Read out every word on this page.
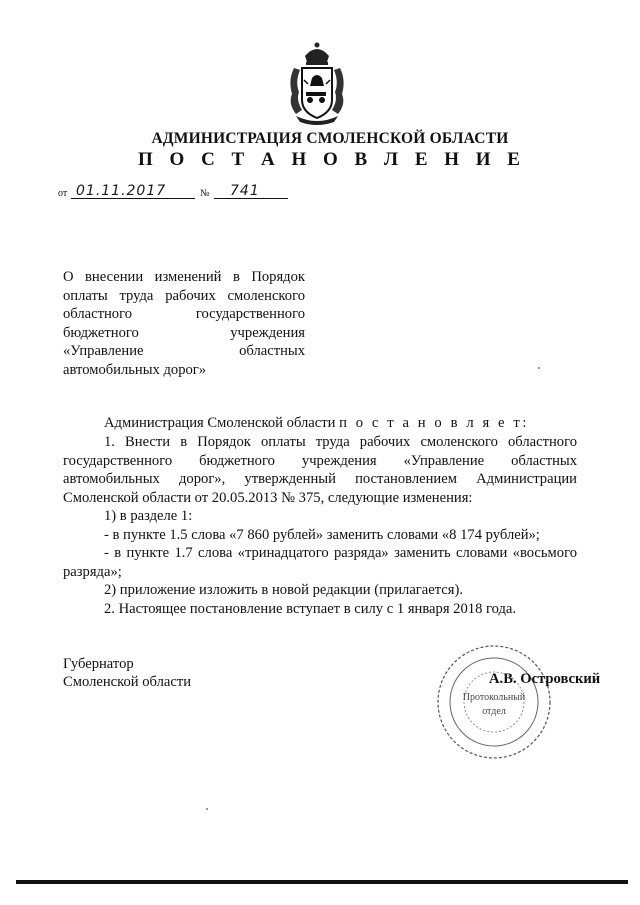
АДМИНИСТРАЦИЯ СМОЛЕНСКОЙ ОБЛАСТИ
П О С Т А Н О В Л Е Н И Е
от 01.11.2017	№ 741
О внесении изменений в Порядок
оплаты труда рабочих смоленского
областного государственного
бюджетного учреждения
«Управление областных
автомобильных дорог»
Администрация Смоленской области п о с т а н о в л я е т:

1. Внести в Порядок оплаты труда рабочих смоленского областного государственного бюджетного учреждения «Управление областных автомобильных дорог», утвержденный постановлением Администрации Смоленской области от 20.05.2013 № 375, следующие изменения:

1) в разделе 1:

- в пункте 1.5 слова «7 860 рублей» заменить словами «8 174 рублей»;

- в пункте 1.7 слова «тринадцатого разряда» заменить словами «восьмого разряда»;

2) приложение изложить в новой редакции (прилагается).

2. Настоящее постановление вступает в силу с 1 января 2018 года.

Губернатор
Смоленской области
Протокольный
отдел
А.В. Островский
